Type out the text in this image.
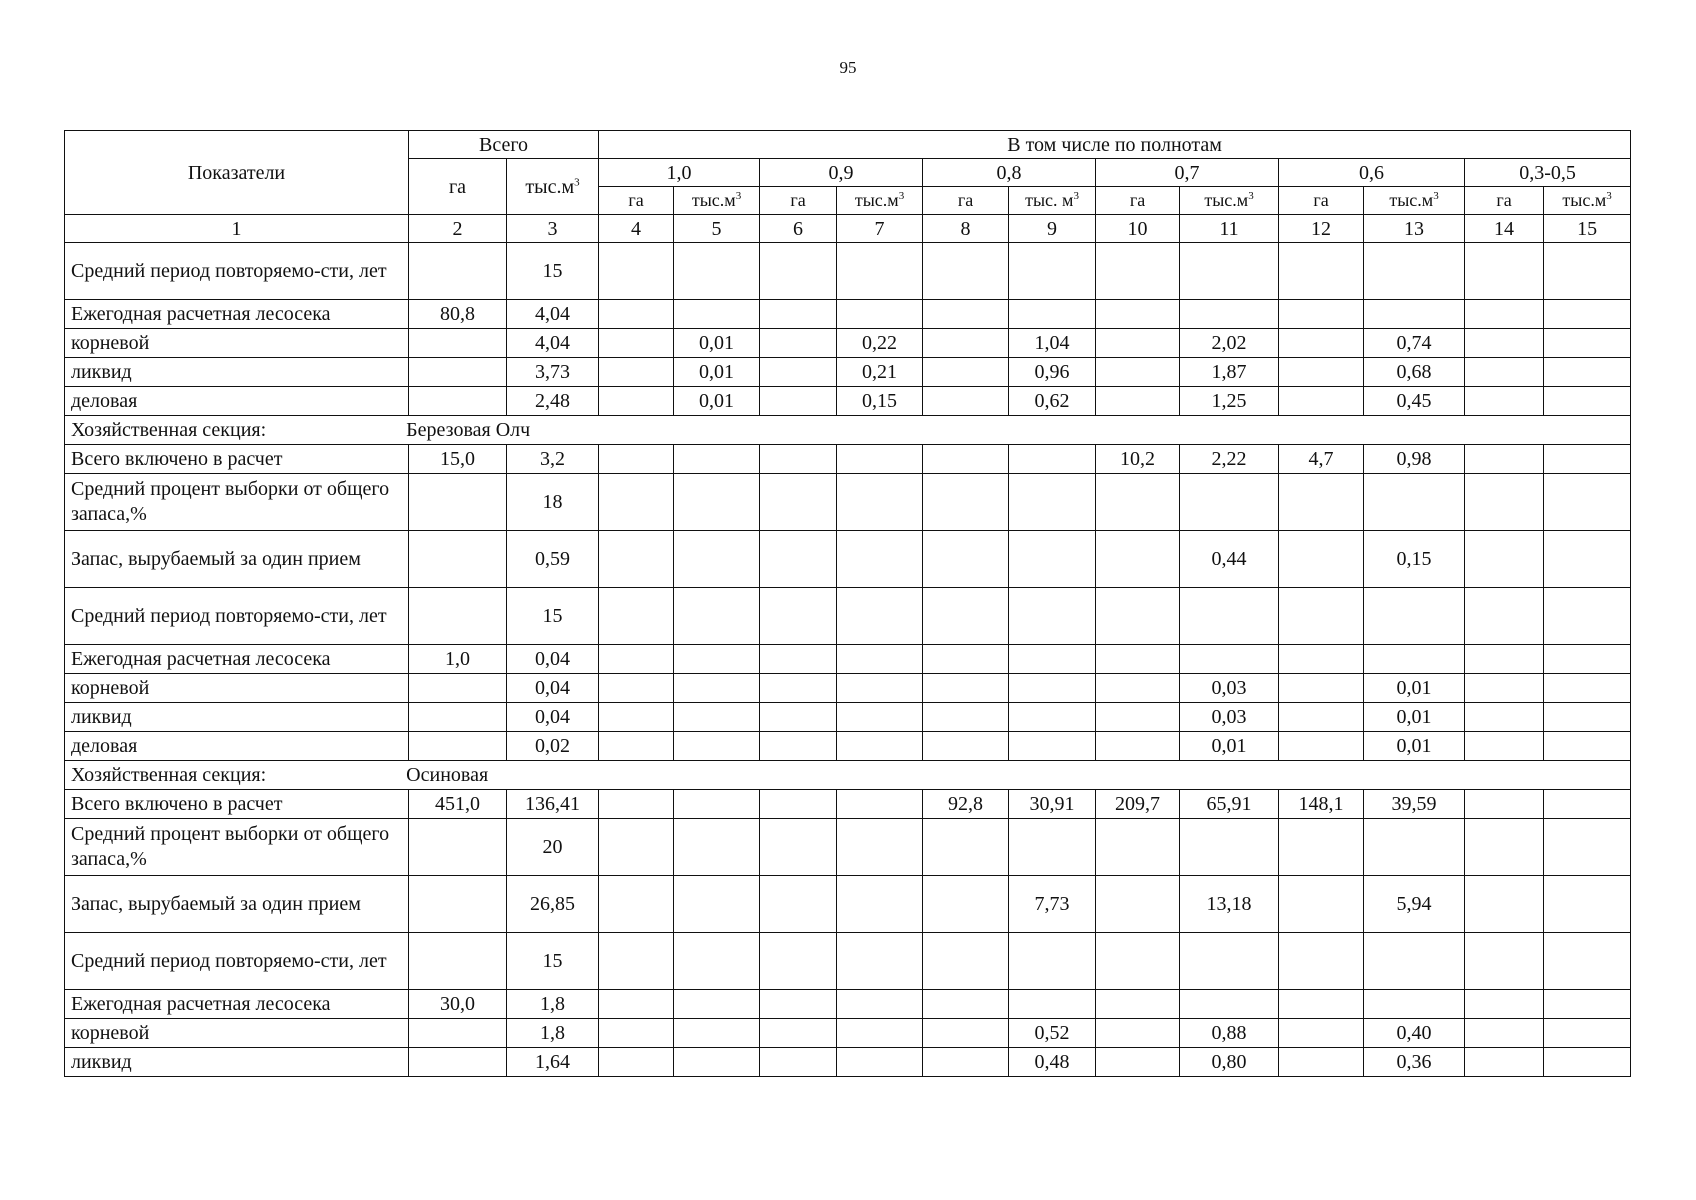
95
Показатели	Всего		В том числе по полнотам											
	га	$тыс.м^3$	1,0		0,9		0,8		0,7		0,6		0,3-0,5	
			га	$тыс.м^3$	га	$тыс.м^3$	га	тыс. $м^3$	га	$тыс.м^3$	га	$тыс.м^3$	га	$тыс.м^3$
1	2	3	4	5	6	7	8	9	10	11	12	13	14	15
Средний период повторяемо-сти, лет		15												
Ежегодная расчетная лесосека	80,8	4,04												
корневой		4,04		0,01		0,22		1,04		2,02		0,74		
ликвид		3,73		0,01		0,21		0,96		1,87		0,68		
деловая		2,48		0,01		0,15		0,62		1,25		0,45		
Хозяйственная секция: Березовая Олч														
Всего включено в расчет	15,0	3,2							10,2	2,22	4,7	0,98		
Средний процент выборки от общего запаса,%		18												
Запас, вырубаемый за один прием		0,59								0,44		0,15		
Средний период повторяемо-сти, лет		15												
Ежегодная расчетная лесосека	1,0	0,04												
корневой		0,04								0,03		0,01		
ликвид		0,04								0,03		0,01		
деловая		0,02								0,01		0,01		
Хозяйственная секция: Осиновая														
Всего включено в расчет	451,0	136,41					92,8	30,91	209,7	65,91	148,1	39,59		
Средний процент выборки от общего запаса,%		20												
Запас, вырубаемый за один прием		26,85						7,73		13,18		5,94		
Средний период повторяемо-сти, лет		15												
Ежегодная расчетная лесосека	30,0	1,8												
корневой		1,8						0,52		0,88		0,40		
ликвид		1,64						0,48		0,80		0,36		
